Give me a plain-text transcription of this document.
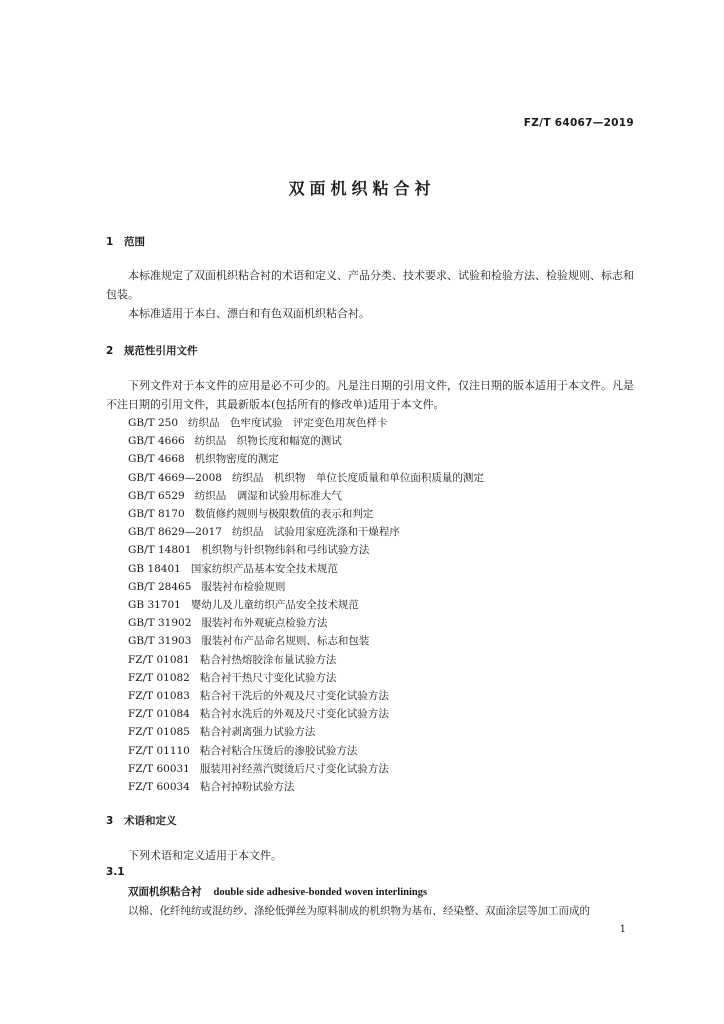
FZ/T 64067—2019
双面机织粘合衬
1 范围
本标准规定了双面机织粘合衬的术语和定义、产品分类、技术要求、试验和检验方法、检验规则、标志和包装。
本标准适用于本白、漂白和有色双面机织粘合衬。
2 规范性引用文件
下列文件对于本文件的应用是必不可少的。凡是注日期的引用文件，仅注日期的版本适用于本文件。凡是不注日期的引用文件，其最新版本(包括所有的修改单)适用于本文件。
GB/T 250 纺织品　色牢度试验　评定变色用灰色样卡
GB/T 4666 纺织品　织物长度和幅宽的测试
GB/T 4668 机织物密度的测定
GB/T 4669—2008 纺织品　机织物　单位长度质量和单位面积质量的测定
GB/T 6529 纺织品　调湿和试验用标准大气
GB/T 8170 数值修约规则与极限数值的表示和判定
GB/T 8629—2017 纺织品　试验用家庭洗涤和干燥程序
GB/T 14801 机织物与针织物纬斜和弓纬试验方法
GB 18401 国家纺织产品基本安全技术规范
GB/T 28465 服装衬布检验规则
GB 31701 婴幼儿及儿童纺织产品安全技术规范
GB/T 31902 服装衬布外观疵点检验方法
GB/T 31903 服装衬布产品命名规则、标志和包装
FZ/T 01081 粘合衬热熔胶涂布量试验方法
FZ/T 01082 粘合衬干热尺寸变化试验方法
FZ/T 01083 粘合衬干洗后的外观及尺寸变化试验方法
FZ/T 01084 粘合衬水洗后的外观及尺寸变化试验方法
FZ/T 01085 粘合衬剥离强力试验方法
FZ/T 01110 粘合衬粘合压烫后的渗胶试验方法
FZ/T 60031 服装用衬经蒸汽熨烫后尺寸变化试验方法
FZ/T 60034 粘合衬掉粉试验方法
3 术语和定义
下列术语和定义适用于本文件。
3.1
双面机织粘合衬 double side adhesive-bonded woven interlinings
以棉、化纤纯纺或混纺纱、涤纶低弹丝为原料制成的机织物为基布，经染整、双面涂层等加工而成的
1
